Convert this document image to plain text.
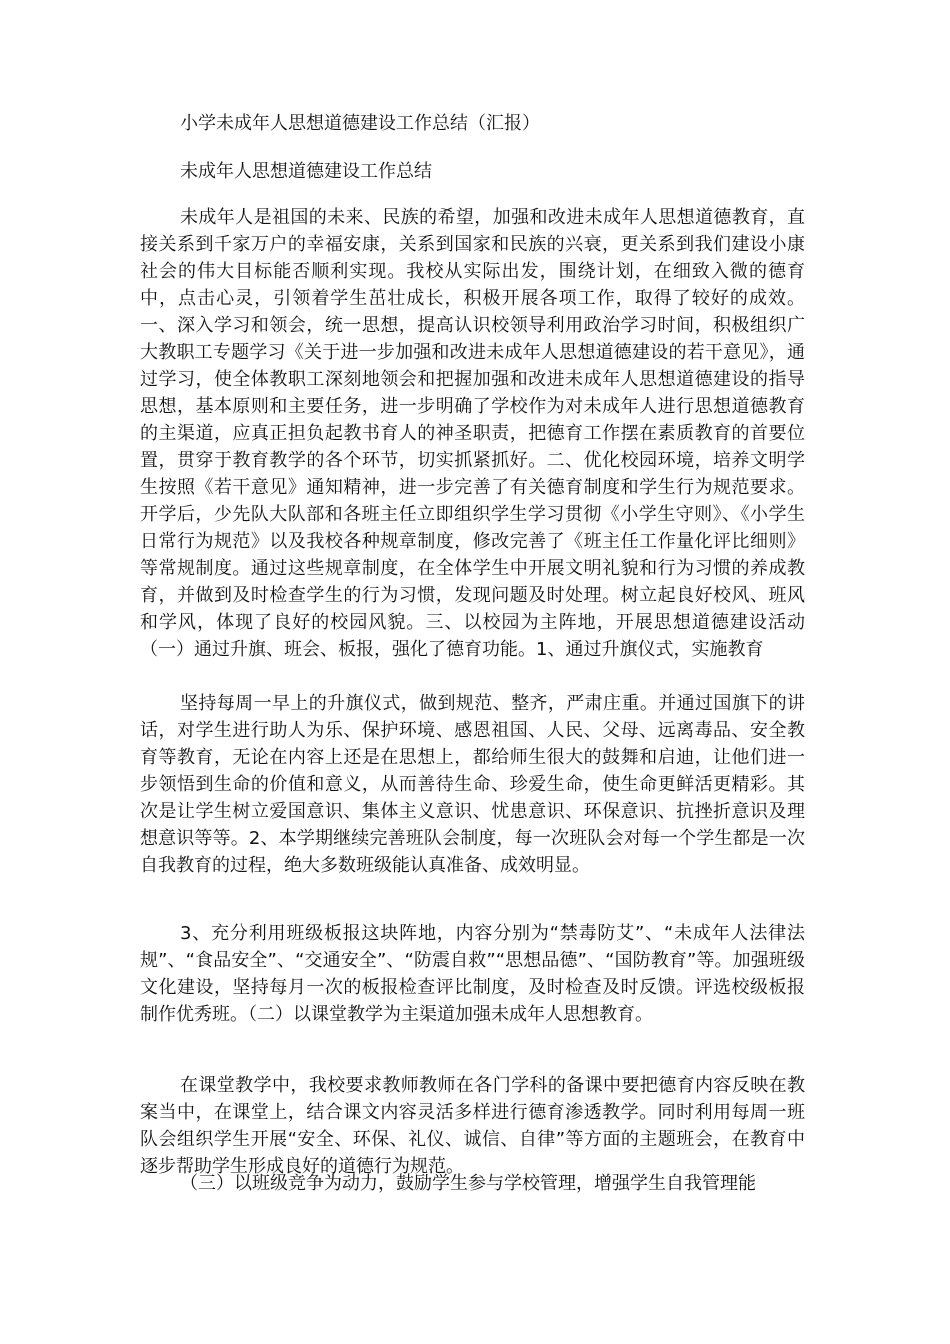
小学未成年人思想道德建设工作总结（汇报）
未成年人思想道德建设工作总结

未成年人是祖国的未来、民族的希望，加强和改进未成年人思想道德教育，直接关系到千家万户的幸福安康，关系到国家和民族的兴衰，更关系到我们建设小康社会的伟大目标能否顺利实现。我校从实际出发，围绕计划，在细致入微的德育中，点击心灵，引领着学生茁壮成长，积极开展各项工作，取得了较好的成效。一、深入学习和领会，统一思想，提高认识校领导利用政治学习时间，积极组织广大教职工专题学习《关于进一步加强和改进未成年人思想道德建设的若干意见》，通过学习，使全体教职工深刻地领会和把握加强和改进未成年人思想道德建设的指导思想，基本原则和主要任务，进一步明确了学校作为对未成年人进行思想道德教育的主渠道，应真正担负起教书育人的神圣职责，把德育工作摆在素质教育的首要位置，贯穿于教育教学的各个环节，切实抓紧抓好。二、优化校园环境，培养文明学生按照《若干意见》通知精神，进一步完善了有关德育制度和学生行为规范要求。开学后，少先队大队部和各班主任立即组织学生学习贯彻《小学生守则》、《小学生日常行为规范》以及我校各种规章制度，修改完善了《班主任工作量化评比细则》等常规制度。通过这些规章制度，在全体学生中开展文明礼貌和行为习惯的养成教育，并做到及时检查学生的行为习惯，发现问题及时处理。树立起良好校风、班风和学风，体现了良好的校园风貌。三、以校园为主阵地，开展思想道德建设活动（一）通过升旗、班会、板报，强化了德育功能。1、通过升旗仪式，实施教育

坚持每周一早上的升旗仪式，做到规范、整齐，严肃庄重。并通过国旗下的讲话，对学生进行助人为乐、保护环境、感恩祖国、人民、父母、远离毒品、安全教育等教育，无论在内容上还是在思想上，都给师生很大的鼓舞和启迪，让他们进一步领悟到生命的价值和意义，从而善待生命、珍爱生命，使生命更鲜活更精彩。其次是让学生树立爱国意识、集体主义意识、忧患意识、环保意识、抗挫折意识及理想意识等等。2、本学期继续完善班队会制度，每一次班队会对每一个学生都是一次自我教育的过程，绝大多数班级能认真准备、成效明显。

3、充分利用班级板报这块阵地，内容分别为“禁毒防艾”、“未成年人法律法规”、“食品安全”、“交通安全”、“防震自救”“思想品德”、“国防教育”等。加强班级文化建设，坚持每月一次的板报检查评比制度，及时检查及时反馈。评选校级板报制作优秀班。（二）以课堂教学为主渠道加强未成年人思想教育。

在课堂教学中，我校要求教师教师在各门学科的备课中要把德育内容反映在教案当中，在课堂上，结合课文内容灵活多样进行德育渗透教学。同时利用每周一班队会组织学生开展“安全、环保、礼仪、诚信、自律”等方面的主题班会，在教育中逐步帮助学生形成良好的道德行为规范。

（三）以班级竞争为动力，鼓励学生参与学校管理，增强学生自我管理能
